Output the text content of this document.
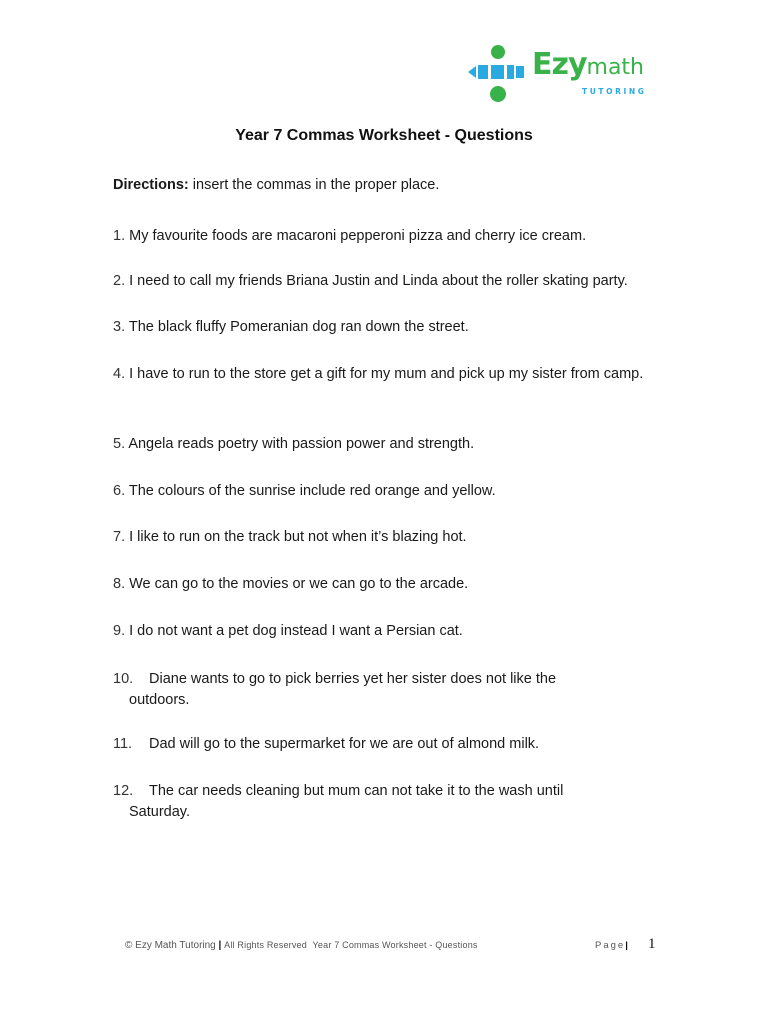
Ezymath
TUTORING
Year 7 Commas Worksheet - Questions
Directions: insert the commas in the proper place.
1. My favourite foods are macaroni pepperoni pizza and cherry ice cream.
2. I need to call my friends Briana Justin and Linda about the roller skating party.
3. The black fluffy Pomeranian dog ran down the street.
4. I have to run to the store get a gift for my mum and pick up my sister from camp.
5. Angela reads poetry with passion power and strength.
6. The colours of the sunrise include red orange and yellow.
7. I like to run on the track but not when it’s blazing hot.
8. We can go to the movies or we can go to the arcade.
9. I do not want a pet dog instead I want a Persian cat.
10. Diane wants to go to pick berries yet her sister does not like the
outdoors.
11. Dad will go to the supermarket for we are out of almond milk.
12. The car needs cleaning but mum can not take it to the wash until
Saturday.
© Ezy Math Tutoring | All Rights Reserved Year 7 Commas Worksheet - Questions	Page| 1
